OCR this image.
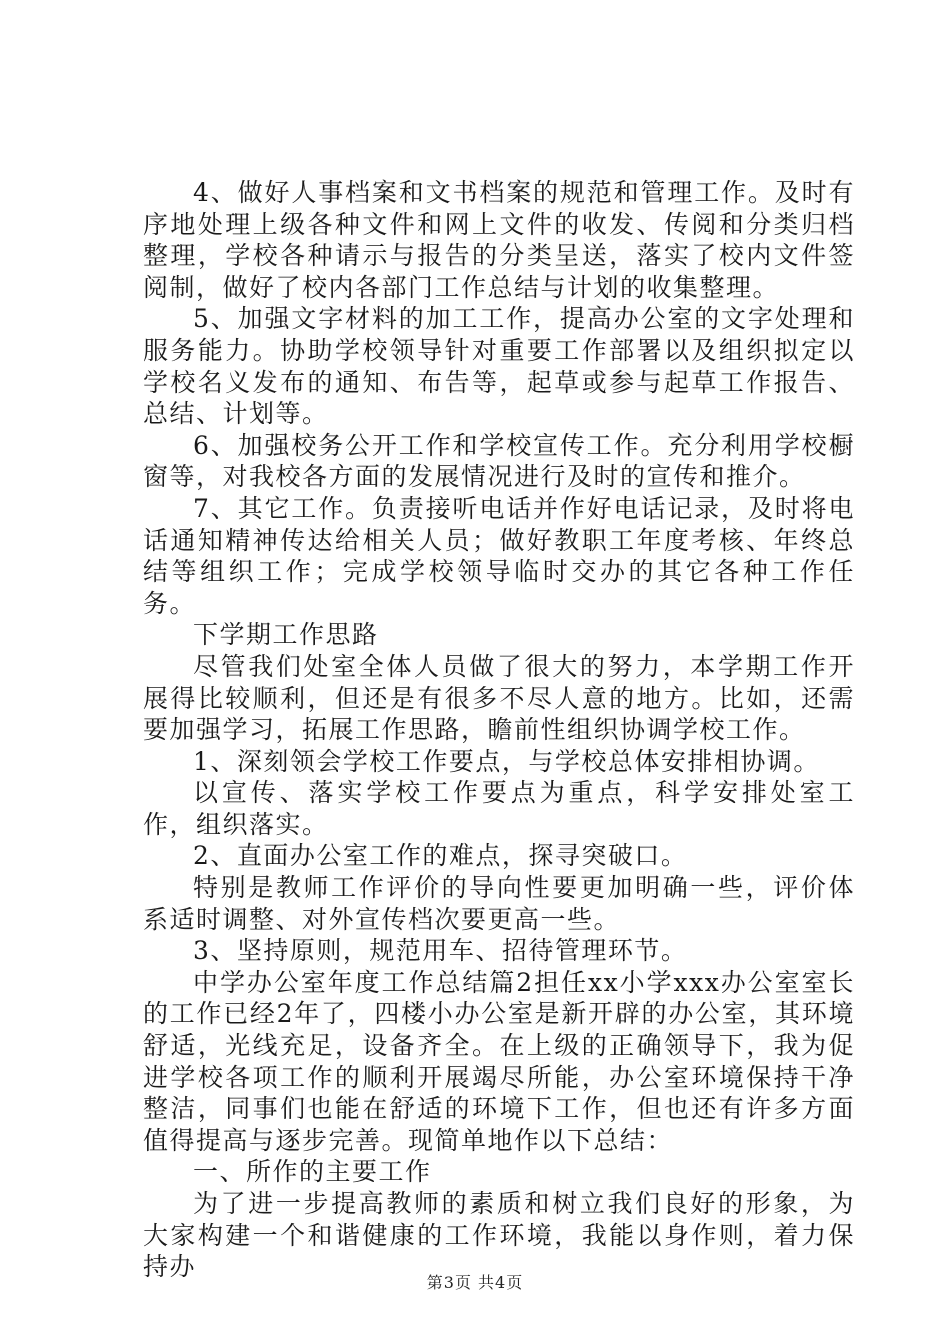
4、做好人事档案和文书档案的规范和管理工作。及时有序地处理上级各种文件和网上文件的收发、传阅和分类归档整理，学校各种请示与报告的分类呈送，落实了校内文件签阅制，做好了校内各部门工作总结与计划的收集整理。

5、加强文字材料的加工工作，提高办公室的文字处理和服务能力。协助学校领导针对重要工作部署以及组织拟定以学校名义发布的通知、布告等，起草或参与起草工作报告、总结、计划等。

6、加强校务公开工作和学校宣传工作。充分利用学校橱窗等，对我校各方面的发展情况进行及时的宣传和推介。

7、其它工作。负责接听电话并作好电话记录，及时将电话通知精神传达给相关人员；做好教职工年度考核、年终总结等组织工作；完成学校领导临时交办的其它各种工作任务。

下学期工作思路

尽管我们处室全体人员做了很大的努力，本学期工作开展得比较顺利，但还是有很多不尽人意的地方。比如，还需要加强学习，拓展工作思路，瞻前性组织协调学校工作。

1、深刻领会学校工作要点，与学校总体安排相协调。

以宣传、落实学校工作要点为重点，科学安排处室工作，组织落实。

2、直面办公室工作的难点，探寻突破口。

特别是教师工作评价的导向性要更加明确一些，评价体系适时调整、对外宣传档次要更高一些。

3、坚持原则，规范用车、招待管理环节。

中学办公室年度工作总结篇2担任xx小学xxx办公室室长的工作已经2年了，四楼小办公室是新开辟的办公室，其环境舒适，光线充足，设备齐全。在上级的正确领导下，我为促进学校各项工作的顺利开展竭尽所能，办公室环境保持干净整洁，同事们也能在舒适的环境下工作，但也还有许多方面值得提高与逐步完善。现简单地作以下总结：

一、所作的主要工作

为了进一步提高教师的素质和树立我们良好的形象，为大家构建一个和谐健康的工作环境，我能以身作则，着力保持办

第3页 共4页
